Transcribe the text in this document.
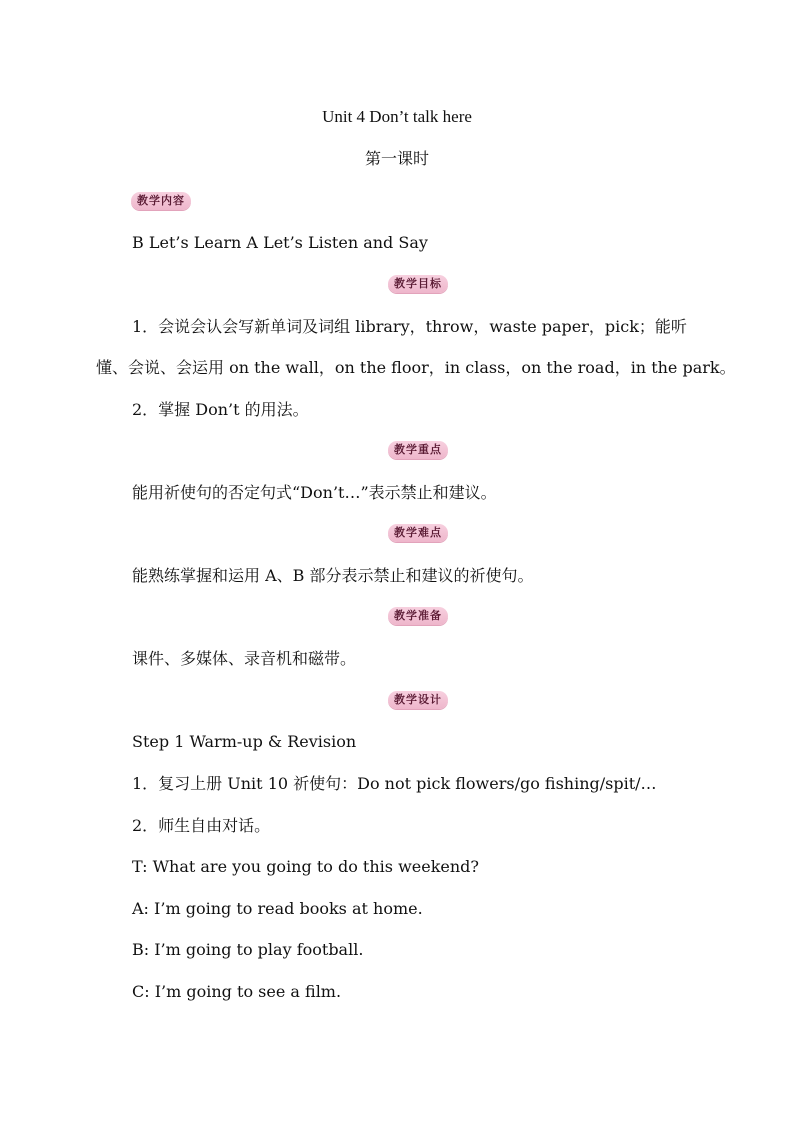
Unit 4 Don’t talk here
第一课时
教学内容
B Let’s Learn A Let’s Listen and Say
教学目标
1．会说会认会写新单词及词组 library，throw，waste paper，pick；能听
懂、会说、会运用 on the wall，on the floor，in class，on the road，in the park。
2．掌握 Don’t 的用法。
教学重点
能用祈使句的否定句式“Don’t…”表示禁止和建议。
教学难点
能熟练掌握和运用 A、B 部分表示禁止和建议的祈使句。
教学准备
课件、多媒体、录音机和磁带。
教学设计
Step 1 Warm-up & Revision
1．复习上册 Unit 10 祈使句：Do not pick flowers/go fishing/spit/…
2．师生自由对话。
T: What are you going to do this weekend?
A: I’m going to read books at home.
B: I’m going to play football.
C: I’m going to see a film.
